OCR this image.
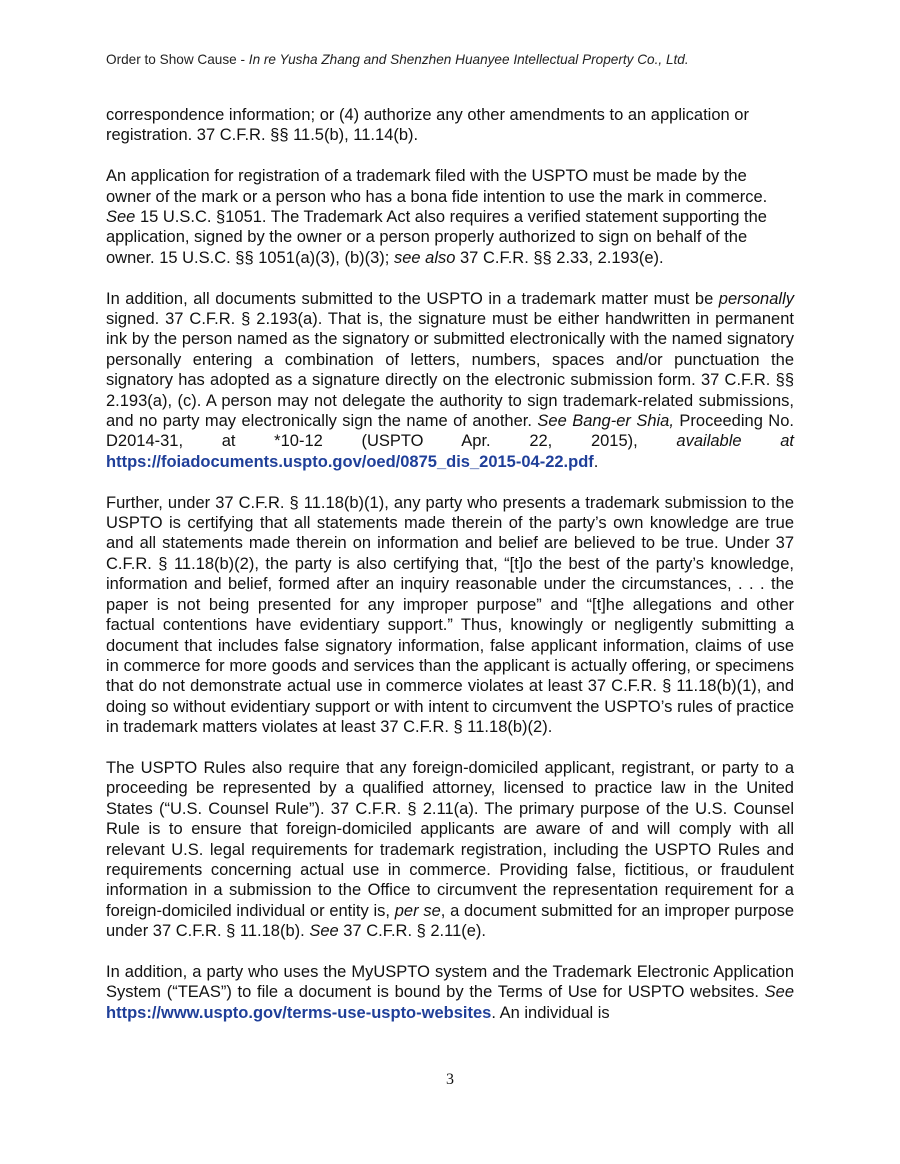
Order to Show Cause - In re Yusha Zhang and Shenzhen Huanyee Intellectual Property Co., Ltd.

correspondence information; or (4) authorize any other amendments to an application or registration. 37 C.F.R. §§ 11.5(b), 11.14(b).

An application for registration of a trademark filed with the USPTO must be made by the owner of the mark or a person who has a bona fide intention to use the mark in commerce. See 15 U.S.C. §1051. The Trademark Act also requires a verified statement supporting the application, signed by the owner or a person properly authorized to sign on behalf of the owner. 15 U.S.C. §§ 1051(a)(3), (b)(3); see also 37 C.F.R. §§ 2.33, 2.193(e).

In addition, all documents submitted to the USPTO in a trademark matter must be personally signed. 37 C.F.R. § 2.193(a). That is, the signature must be either handwritten in permanent ink by the person named as the signatory or submitted electronically with the named signatory personally entering a combination of letters, numbers, spaces and/or punctuation the signatory has adopted as a signature directly on the electronic submission form. 37 C.F.R. §§ 2.193(a), (c). A person may not delegate the authority to sign trademark-related submissions, and no party may electronically sign the name of another. See Bang-er Shia, Proceeding No. D2014-31, at *10-12 (USPTO Apr. 22, 2015), available at https://foiadocuments.uspto.gov/oed/0875_dis_2015-04-22.pdf.

Further, under 37 C.F.R. § 11.18(b)(1), any party who presents a trademark submission to the USPTO is certifying that all statements made therein of the party’s own knowledge are true and all statements made therein on information and belief are believed to be true. Under 37 C.F.R. § 11.18(b)(2), the party is also certifying that, “[t]o the best of the party’s knowledge, information and belief, formed after an inquiry reasonable under the circumstances, . . . the paper is not being presented for any improper purpose” and “[t]he allegations and other factual contentions have evidentiary support.” Thus, knowingly or negligently submitting a document that includes false signatory information, false applicant information, claims of use in commerce for more goods and services than the applicant is actually offering, or specimens that do not demonstrate actual use in commerce violates at least 37 C.F.R. § 11.18(b)(1), and doing so without evidentiary support or with intent to circumvent the USPTO’s rules of practice in trademark matters violates at least 37 C.F.R. § 11.18(b)(2).

The USPTO Rules also require that any foreign-domiciled applicant, registrant, or party to a proceeding be represented by a qualified attorney, licensed to practice law in the United States (“U.S. Counsel Rule”). 37 C.F.R. § 2.11(a). The primary purpose of the U.S. Counsel Rule is to ensure that foreign-domiciled applicants are aware of and will comply with all relevant U.S. legal requirements for trademark registration, including the USPTO Rules and requirements concerning actual use in commerce. Providing false, fictitious, or fraudulent information in a submission to the Office to circumvent the representation requirement for a foreign-domiciled individual or entity is, per se, a document submitted for an improper purpose under 37 C.F.R. § 11.18(b). See 37 C.F.R. § 2.11(e).

In addition, a party who uses the MyUSPTO system and the Trademark Electronic Application System (“TEAS”) to file a document is bound by the Terms of Use for USPTO websites. See https://www.uspto.gov/terms-use-uspto-websites. An individual is

3
